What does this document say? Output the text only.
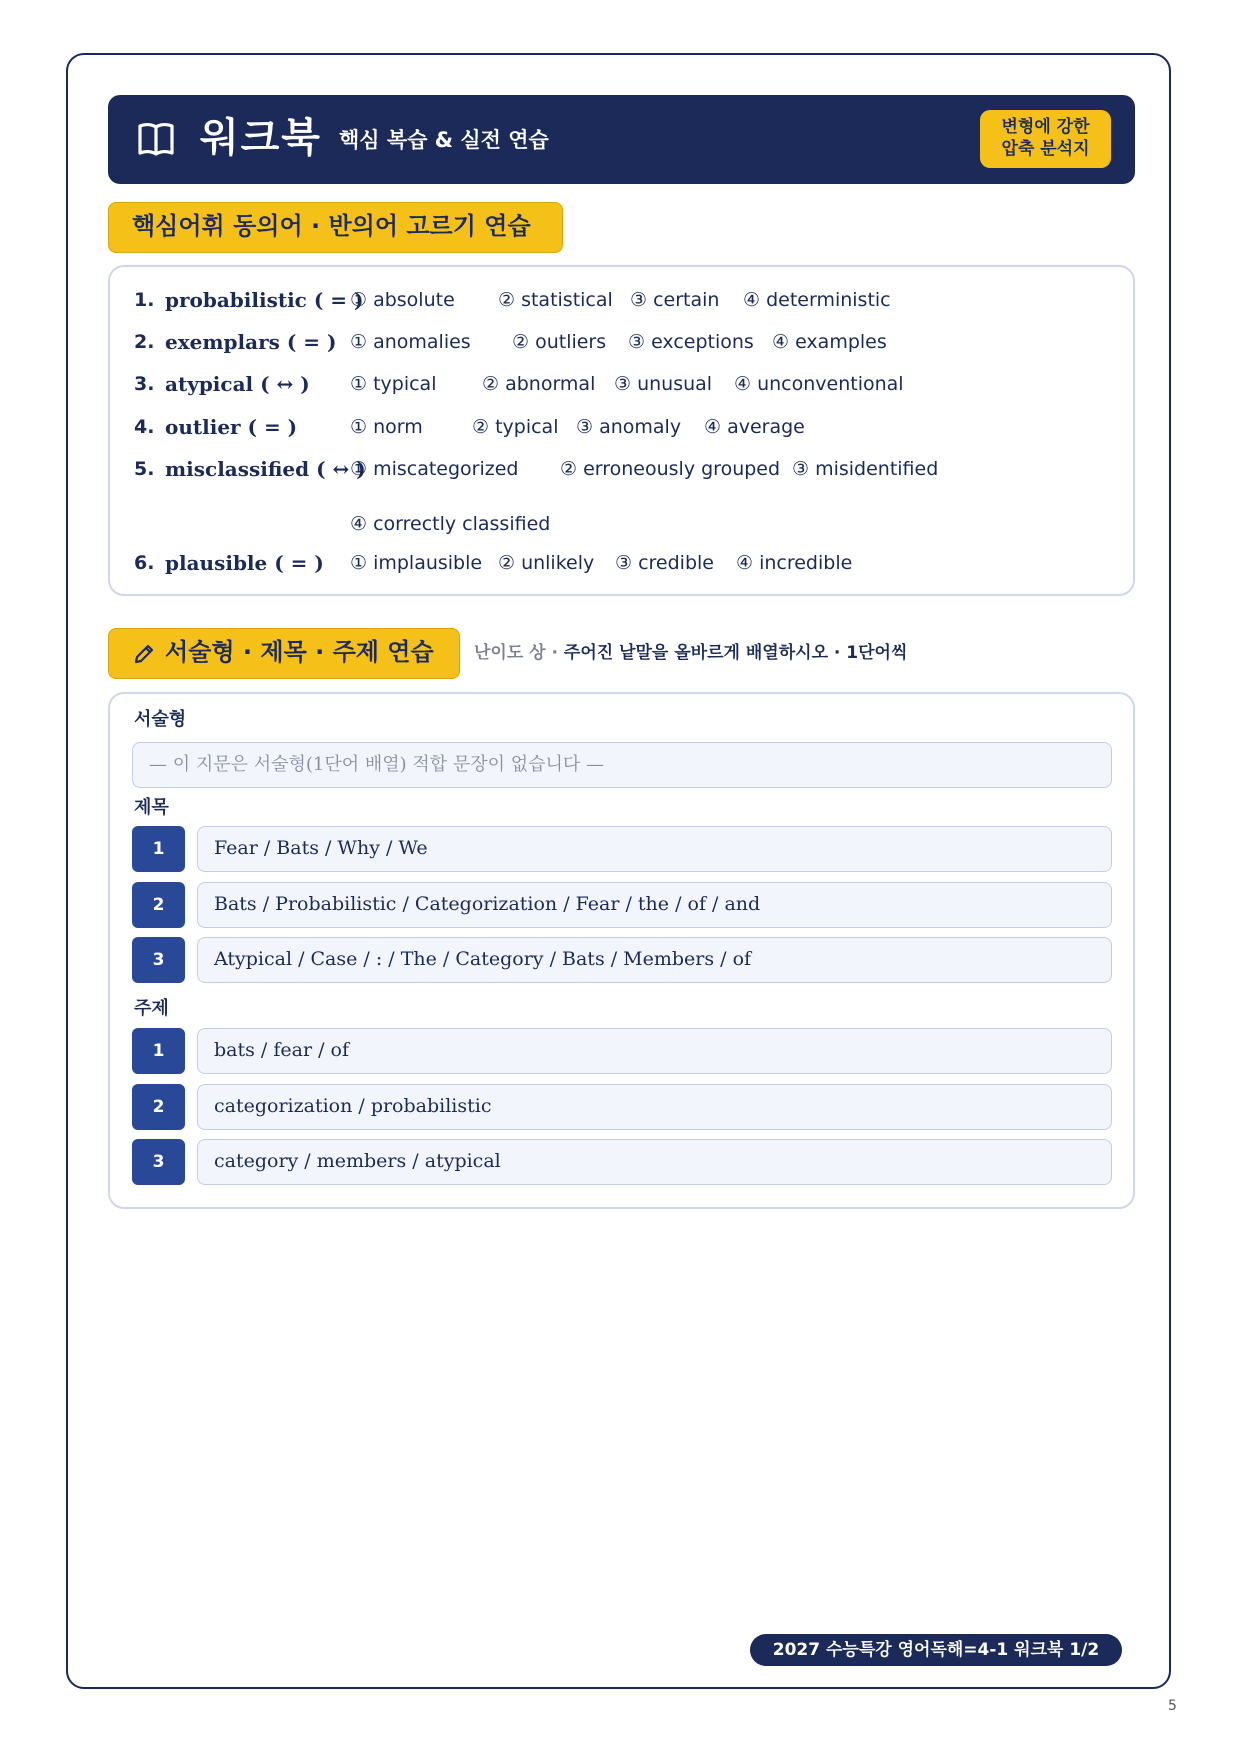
워크북 핵심 복습 & 실전 연습
변형에 강한
압축 분석지
핵심어휘 동의어 · 반의어 고르기 연습
1. probabilistic ( = )
① absolute ② statistical ③ certain ④ deterministic
2. exemplars ( = ) ① anomalies ② outliers ③ exceptions ④ examples
3. atypical ( ↔ ) ① typical ② abnormal ③ unusual ④ unconventional
4. outlier ( = )	① norm	② typical ③ anomaly ④ average
5. misclassified ( ↔ )
① miscategorized ② erroneously grouped ③ misidentified
④ correctly classified
6. plausible ( = ) ① implausible ② unlikely ③ credible ④ incredible
서술형 · 제목 · 주제 연습	난이도 상 · 주어진 낱말을 올바르게 배열하시오 · 1단어씩
서술형
— 이 지문은 서술형(1단어 배열) 적합 문장이 없습니다 —
제목
1	Fear / Bats / Why / We
2	Bats / Probabilistic / Categorization / Fear / the / of / and
3	Atypical / Case / : / The / Category / Bats / Members / of
주제
1	bats / fear / of
2	categorization / probabilistic
3	category / members / atypical
2027 수능특강 영어독해=4-1 워크북 1/2
5
